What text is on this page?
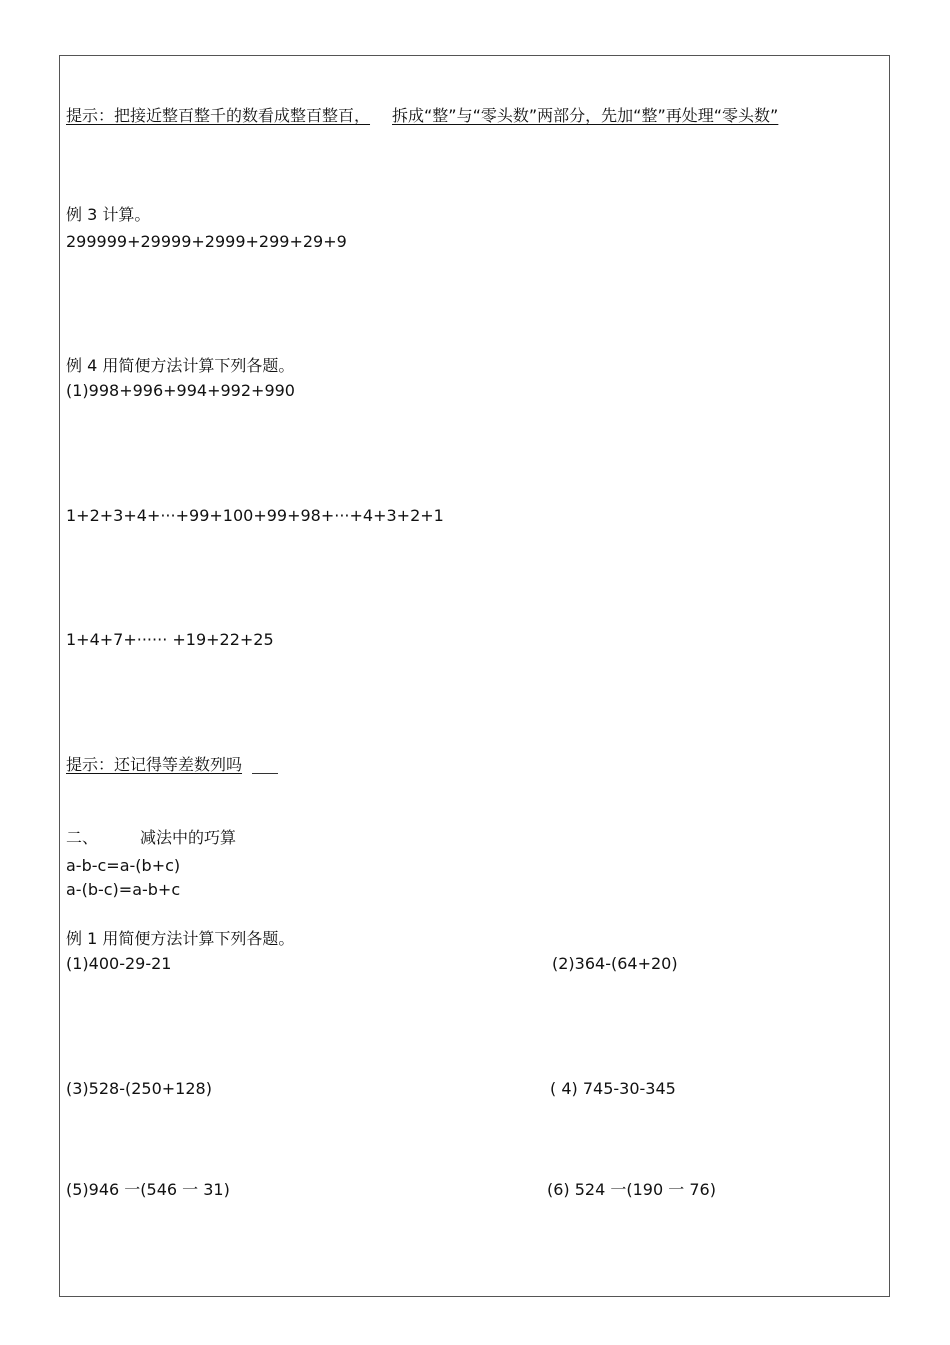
提示：把接近整百整千的数看成整百整百， 拆成“整”与“零头数”两部分，先加“整”再处理“零头数”
例 3 计算。
299999+29999+2999+299+29+9
例 4 用简便方法计算下列各题。
(1)998+996+994+992+990
1+2+3+4+···+99+100+99+98+···+4+3+2+1
1+4+7+······ +19+22+25
提示：还记得等差数列吗
二、	减法中的巧算
a-b-c=a-(b+c)
a-(b-c)=a-b+c
例 1 用简便方法计算下列各题。
(1)400-29-21	(2)364-(64+20)
(3)528-(250+128)	( 4) 745-30-345
(5)946 一(546 一 31)	(6) 524 一(190 一 76)
